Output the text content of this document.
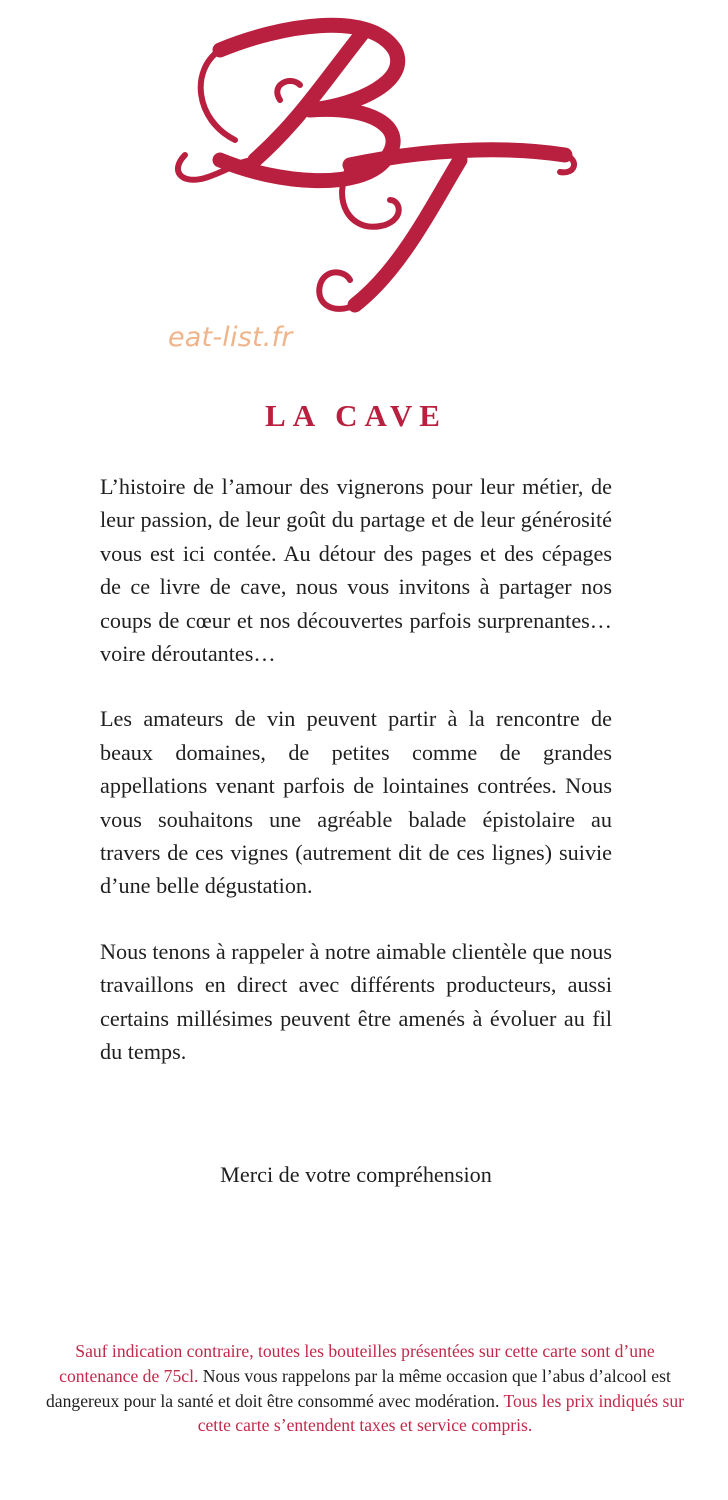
eat-list.fr
LA CAVE

L’histoire de l’amour des vignerons pour leur métier, de leur passion, de leur goût du partage et de leur générosité vous est ici contée. Au détour des pages et des cépages de ce livre de cave, nous vous invitons à partager nos coups de cœur et nos découvertes parfois surprenantes… voire déroutantes…

Les amateurs de vin peuvent partir à la rencontre de beaux domaines, de petites comme de grandes appellations venant parfois de lointaines contrées. Nous vous souhaitons une agréable balade épistolaire au travers de ces vignes (autrement dit de ces lignes) suivie d’une belle dégustation.

Nous tenons à rappeler à notre aimable clientèle que nous travaillons en direct avec différents producteurs, aussi certains millésimes peuvent être amenés à évoluer au fil du temps.

Merci de votre compréhension
Sauf indication contraire, toutes les bouteilles présentées sur cette carte sont d’une contenance de 75cl. Nous vous rappelons par la même occasion que l’abus d’alcool est dangereux pour la santé et doit être consommé avec modération. Tous les prix indiqués sur cette carte s’entendent taxes et service compris.
